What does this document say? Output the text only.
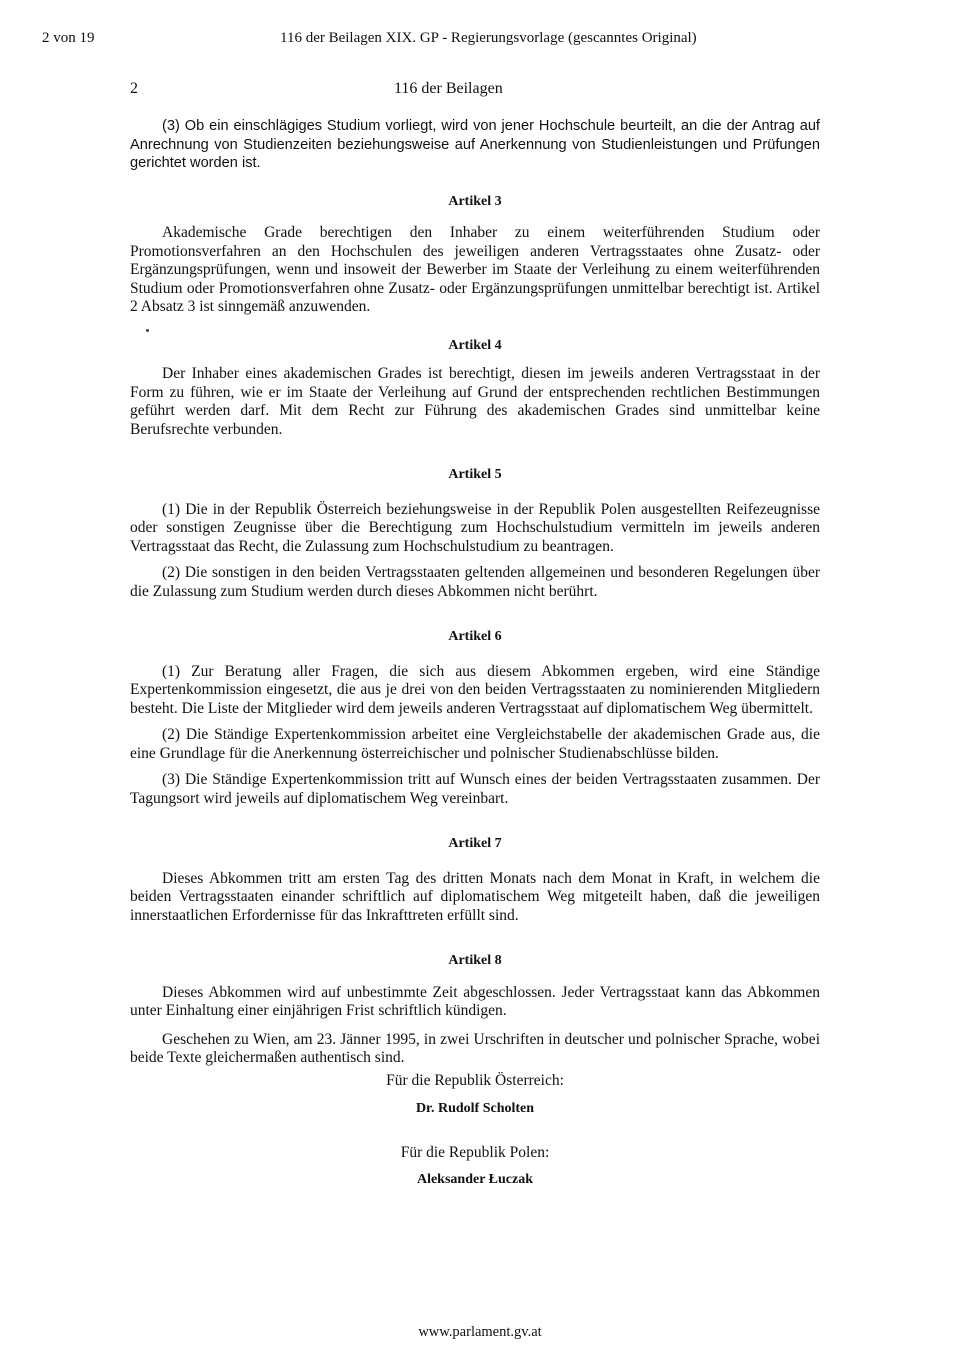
2 von 19	116 der Beilagen XIX. GP - Regierungsvorlage (gescanntes Original)
2	116 der Beilagen

(3) Ob ein einschlägiges Studium vorliegt, wird von jener Hochschule beurteilt, an die der Antrag auf Anrechnung von Studienzeiten beziehungsweise auf Anerkennung von Studienleistungen und Prüfungen gerichtet worden ist.

Artikel 3

Akademische Grade berechtigen den Inhaber zu einem weiterführenden Studium oder Promotionsverfahren an den Hochschulen des jeweiligen anderen Vertragsstaates ohne Zusatz- oder Ergänzungsprüfungen, wenn und insoweit der Bewerber im Staate der Verleihung zu einem weiterführenden Studium oder Promotionsverfahren ohne Zusatz- oder Ergänzungsprüfungen unmittelbar berechtigt ist. Artikel 2 Absatz 3 ist sinngemäß anzuwenden.

Artikel 4

Der Inhaber eines akademischen Grades ist berechtigt, diesen im jeweils anderen Vertragsstaat in der Form zu führen, wie er im Staate der Verleihung auf Grund der entsprechenden rechtlichen Bestimmungen geführt werden darf. Mit dem Recht zur Führung des akademischen Grades sind unmittelbar keine Berufsrechte verbunden.

Artikel 5

(1) Die in der Republik Österreich beziehungsweise in der Republik Polen ausgestellten Reifezeugnisse oder sonstigen Zeugnisse über die Berechtigung zum Hochschulstudium vermitteln im jeweils anderen Vertragsstaat das Recht, die Zulassung zum Hochschulstudium zu beantragen.

(2) Die sonstigen in den beiden Vertragsstaaten geltenden allgemeinen und besonderen Regelungen über die Zulassung zum Studium werden durch dieses Abkommen nicht berührt.

Artikel 6

(1) Zur Beratung aller Fragen, die sich aus diesem Abkommen ergeben, wird eine Ständige Expertenkommission eingesetzt, die aus je drei von den beiden Vertragsstaaten zu nominierenden Mitgliedern besteht. Die Liste der Mitglieder wird dem jeweils anderen Vertragsstaat auf diplomatischem Weg übermittelt.

(2) Die Ständige Expertenkommission arbeitet eine Vergleichstabelle der akademischen Grade aus, die eine Grundlage für die Anerkennung österreichischer und polnischer Studienabschlüsse bilden.

(3) Die Ständige Expertenkommission tritt auf Wunsch eines der beiden Vertragsstaaten zusammen. Der Tagungsort wird jeweils auf diplomatischem Weg vereinbart.

Artikel 7

Dieses Abkommen tritt am ersten Tag des dritten Monats nach dem Monat in Kraft, in welchem die beiden Vertragsstaaten einander schriftlich auf diplomatischem Weg mitgeteilt haben, daß die jeweiligen innerstaatlichen Erfordernisse für das Inkrafttreten erfüllt sind.

Artikel 8

Dieses Abkommen wird auf unbestimmte Zeit abgeschlossen. Jeder Vertragsstaat kann das Abkommen unter Einhaltung einer einjährigen Frist schriftlich kündigen.

Geschehen zu Wien, am 23. Jänner 1995, in zwei Urschriften in deutscher und polnischer Sprache, wobei beide Texte gleichermaßen authentisch sind.

Für die Republik Österreich:
Dr. Rudolf Scholten
Für die Republik Polen:
Aleksander Łuczak
www.parlament.gv.at
